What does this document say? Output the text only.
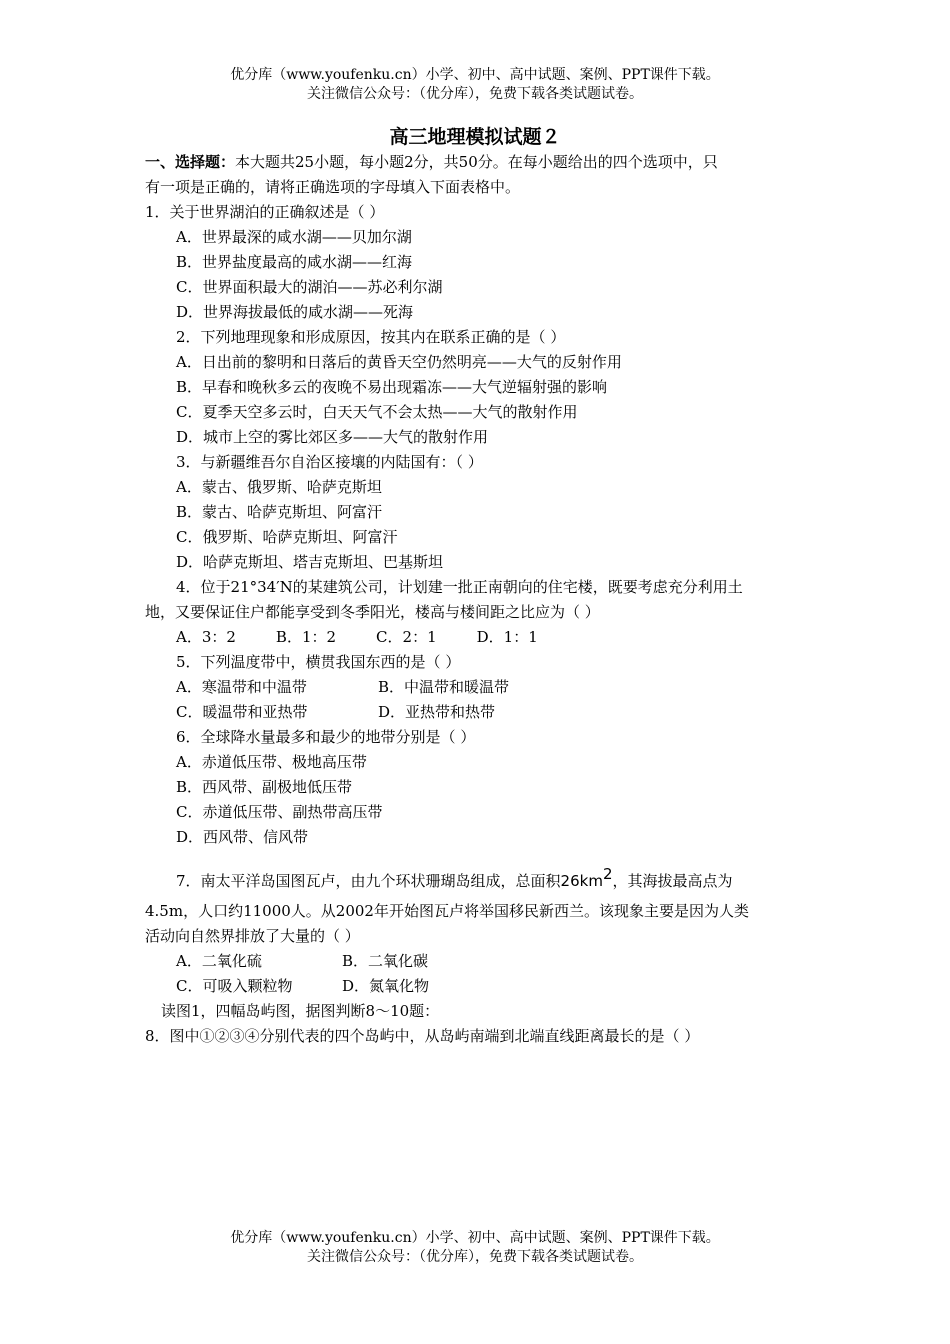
优分库（www.youfenku.cn）小学、初中、高中试题、案例、PPT课件下载。
关注微信公众号：（优分库），免费下载各类试题试卷。
高三地理模拟试题２
一、选择题：本大题共25小题，每小题2分，共50分。在每小题给出的四个选项中，只
有一项是正确的，请将正确选项的字母填入下面表格中。
1．关于世界湖泊的正确叙述是（ ）
A．世界最深的咸水湖——贝加尔湖
B．世界盐度最高的咸水湖——红海
C．世界面积最大的湖泊——苏必利尔湖
D．世界海拔最低的咸水湖——死海
2．下列地理现象和形成原因，按其内在联系正确的是（ ）
A．日出前的黎明和日落后的黄昏天空仍然明亮——大气的反射作用
B．早春和晚秋多云的夜晚不易出现霜冻——大气逆辐射强的影响
C．夏季天空多云时，白天天气不会太热——大气的散射作用
D．城市上空的雾比郊区多——大气的散射作用
3．与新疆维吾尔自治区接壤的内陆国有：（ ）
A．蒙古、俄罗斯、哈萨克斯坦
B．蒙古、哈萨克斯坦、阿富汗
C．俄罗斯、哈萨克斯坦、阿富汗
D．哈萨克斯坦、塔吉克斯坦、巴基斯坦
4．位于21°34′N的某建筑公司，计划建一批正南朝向的住宅楼，既要考虑充分利用土
地，又要保证住户都能享受到冬季阳光，楼高与楼间距之比应为（ ）
A．3：2	B．1：2	C．2：1	D．1：1
5．下列温度带中，横贯我国东西的是（ ）
A．寒温带和中温带	B．中温带和暖温带
C．暖温带和亚热带	D．亚热带和热带
6．全球降水量最多和最少的地带分别是（ ）
A．赤道低压带、极地高压带
B．西风带、副极地低压带
C．赤道低压带、副热带高压带
D．西风带、信风带
7．南太平洋岛国图瓦卢，由九个环状珊瑚岛组成，总面积26km2，其海拔最高点为
4.5m，人口约11000人。从2002年开始图瓦卢将举国移民新西兰。该现象主要是因为人类
活动向自然界排放了大量的（ ）
A．二氧化硫	B．二氧化碳
C．可吸入颗粒物	D．氮氧化物
读图1，四幅岛屿图，据图判断8～10题：
8．图中①②③④分别代表的四个岛屿中，从岛屿南端到北端直线距离最长的是（ ）
优分库（www.youfenku.cn）小学、初中、高中试题、案例、PPT课件下载。
关注微信公众号：（优分库），免费下载各类试题试卷。
